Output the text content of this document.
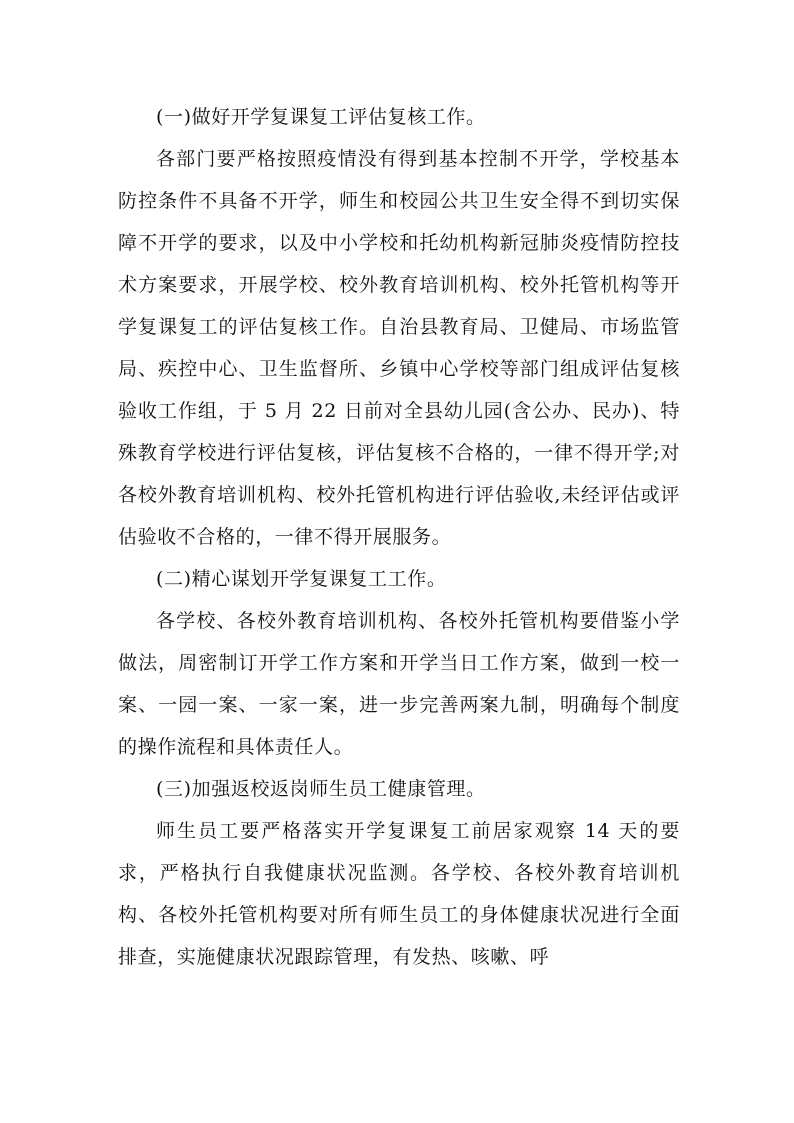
(一)做好开学复课复工评估复核工作。

各部门要严格按照疫情没有得到基本控制不开学，学校基本防控条件不具备不开学，师生和校园公共卫生安全得不到切实保障不开学的要求，以及中小学校和托幼机构新冠肺炎疫情防控技术方案要求，开展学校、校外教育培训机构、校外托管机构等开学复课复工的评估复核工作。自治县教育局、卫健局、市场监管局、疾控中心、卫生监督所、乡镇中心学校等部门组成评估复核验收工作组，于 5 月 22 日前对全县幼儿园(含公办、民办)、特殊教育学校进行评估复核，评估复核不合格的，一律不得开学;对各校外教育培训机构、校外托管机构进行评估验收,未经评估或评估验收不合格的，一律不得开展服务。

(二)精心谋划开学复课复工工作。

各学校、各校外教育培训机构、各校外托管机构要借鉴小学做法，周密制订开学工作方案和开学当日工作方案，做到一校一案、一园一案、一家一案，进一步完善两案九制，明确每个制度的操作流程和具体责任人。

(三)加强返校返岗师生员工健康管理。

师生员工要严格落实开学复课复工前居家观察 14 天的要求，严格执行自我健康状况监测。各学校、各校外教育培训机构、各校外托管机构要对所有师生员工的身体健康状况进行全面排查，实施健康状况跟踪管理，有发热、咳嗽、呼
